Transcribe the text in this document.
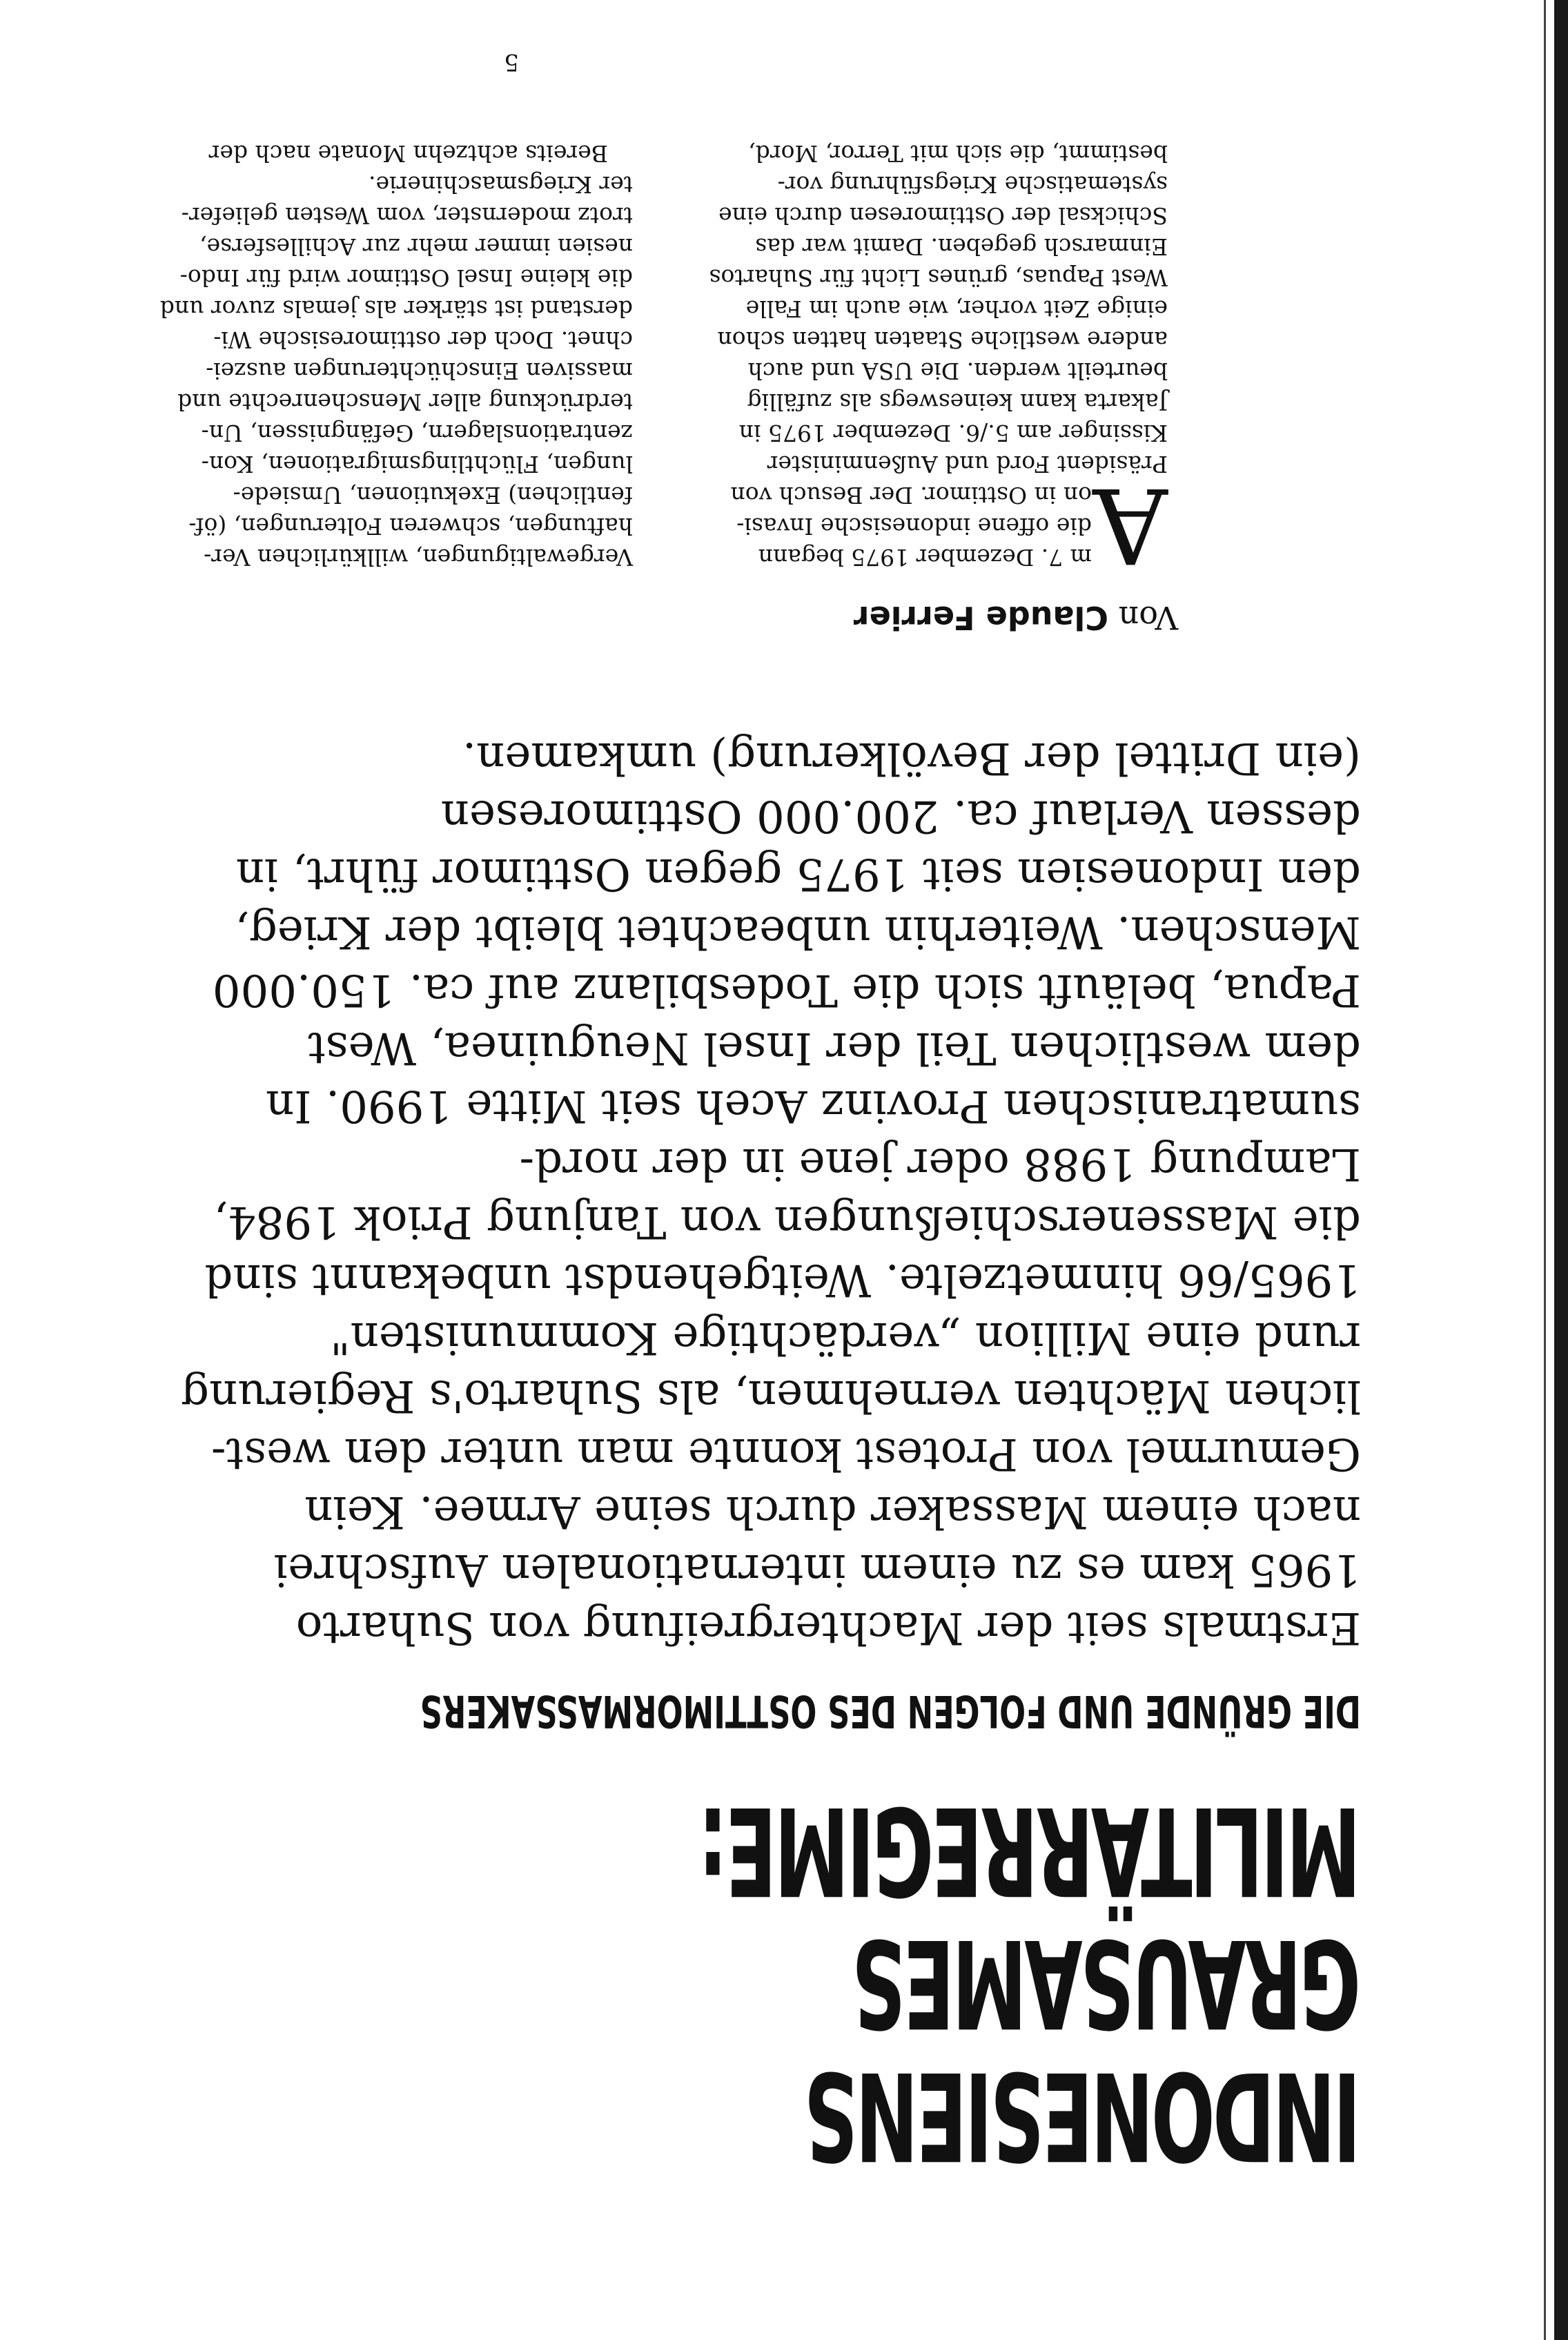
INDONESIENS
GRAUSAMES
MILITÄRREGIME:
DIE GRÜNDE UND FOLGEN DES OSTTIMORMASSAKERS
Erstmals seit der Machtergreifung von Suharto
1965 kam es zu einem internationalen Aufschrei
nach einem Massaker durch seine Armee. Kein
Gemurmel von Protest konnte man unter den west-
lichen Mächten vernehmen, als Suharto's Regierung
rund eine Million „verdächtige Kommunisten"
1965/66 hinmetzelte. Weitgehendst unbekannt sind
die Massenerschießungen von Tanjung Priok 1984,
Lampung 1988 oder jene in der nord-
sumatranischen Provinz Aceh seit Mitte 1990. In
dem westlichen Teil der Insel Neuguinea, West
Papua, beläuft sich die Todesbilanz auf ca. 150.000
Menschen. Weiterhin unbeachtet bleibt der Krieg,
den Indonesien seit 1975 gegen Osttimor führt, in
dessen Verlauf ca. 200.000 Osttimoresen
(ein Drittel der Bevölkerung) umkamen.

Von Claude Ferrier

A
m 7. Dezember 1975 begann
die offene indonesische Invasi-
on in Osttimor. Der Besuch von
Präsident Ford und Außenminister
Kissinger am 5./6. Dezember 1975 in
Jakarta kann keineswegs als zufällig
beurteilt werden. Die USA und auch
andere westliche Staaten hatten schon
einige Zeit vorher, wie auch im Falle
West Papuas, grünes Licht für Suhartos
Einmarsch gegeben. Damit war das
Schicksal der Osttimoresen durch eine
systematische Kriegsführung vor-
bestimmt, die sich mit Terror, Mord,
Vergewaltigungen, willkürlichen Ver-
haftungen, schweren Folterungen, (öf-
fentlichen) Exekutionen, Umsiede-
lungen, Flüchtlingsmigrationen, Kon-
zentrationslagern, Gefängnissen, Un-
terdrückung aller Menschenrechte und
massiven Einschüchterungen auszei-
chnet. Doch der osttimoresische Wi-
derstand ist stärker als jemals zuvor und
die kleine Insel Osttimor wird für Indo-
nesien immer mehr zur Achillesferse,
trotz modernster, vom Westen geliefer-
ter Kriegsmaschinerie.
Bereits achtzehn Monate nach der
5
